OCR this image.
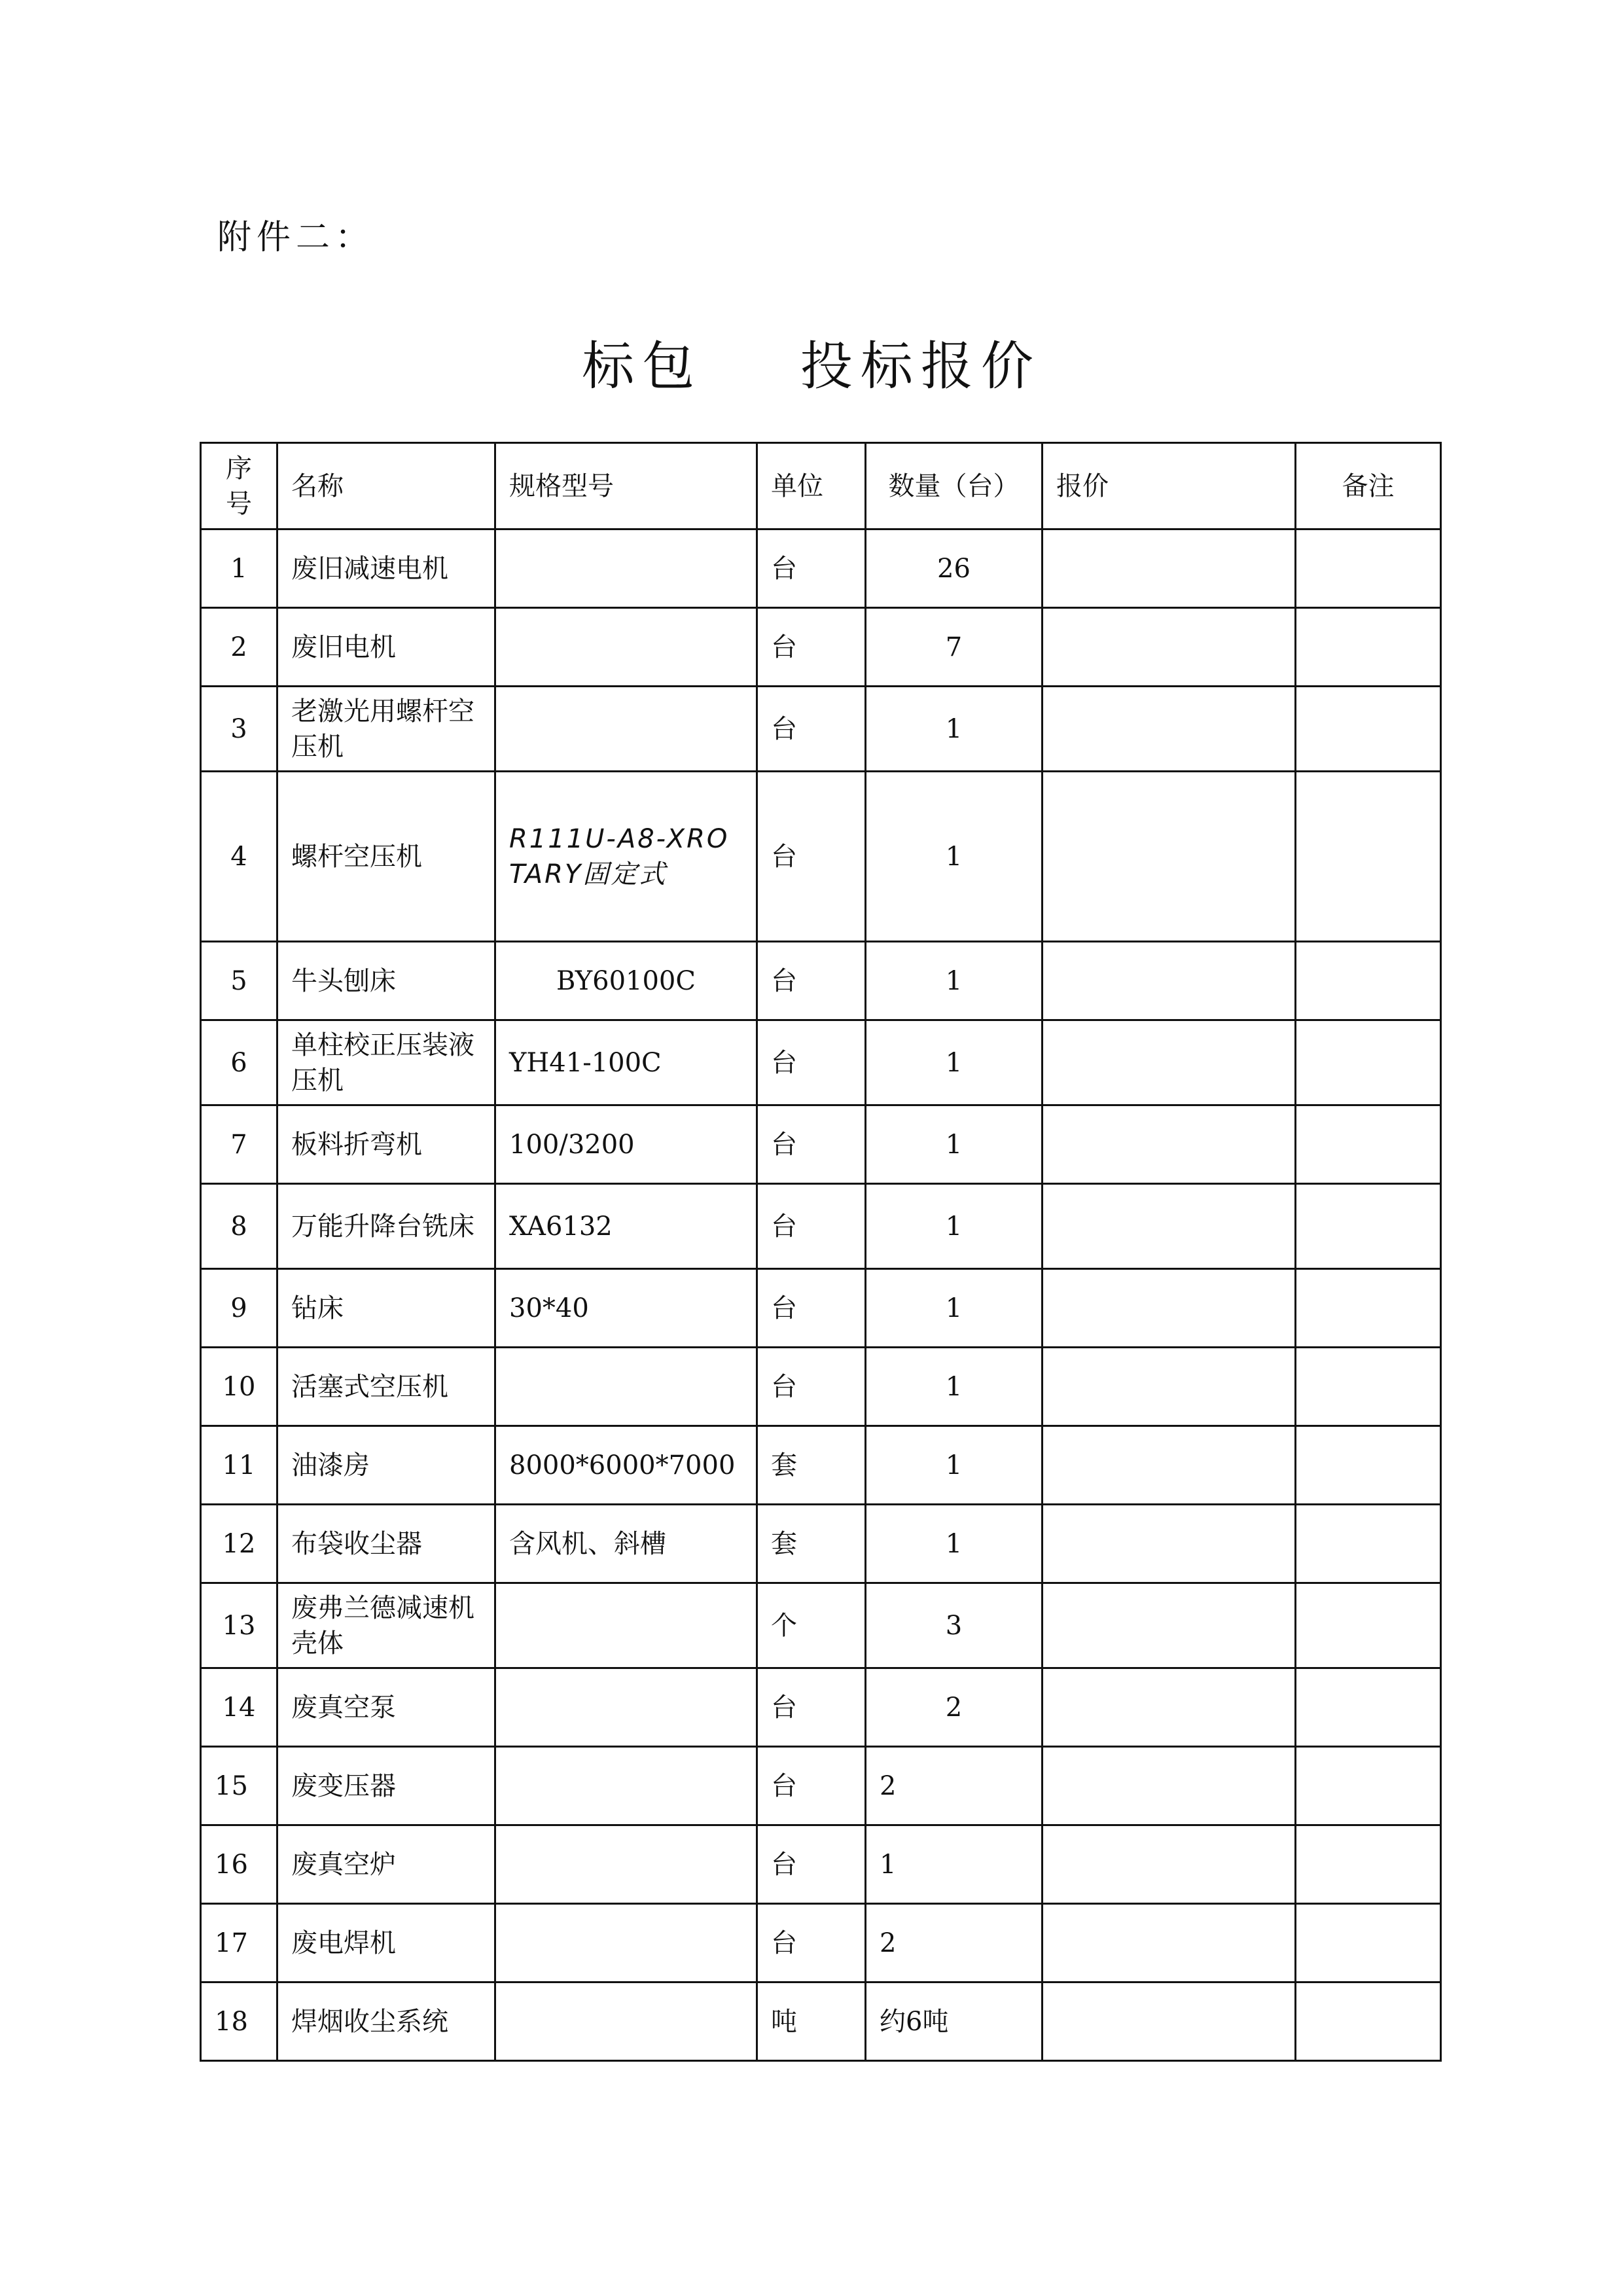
附件二：
标包    投标报价
序
号	名称	规格型号	单位	数量（台）	报价	备注
1	废旧减速电机		台	26		
2	废旧电机		台	7		
3	老激光用螺杆空压机		台	1		
4	螺杆空压机	R111U-A8-XROTARY固定式	台	1		
5	牛头刨床	BY60100C	台	1		
6	单柱校正压装液压机	YH41-100C	台	1		
7	板料折弯机	100/3200	台	1		
8	万能升降台铣床	XA6132	台	1		
9	钻床	30*40	台	1		
10	活塞式空压机		台	1		
11	油漆房	8000*6000*7000	套	1		
12	布袋收尘器	含风机、斜槽	套	1		
13	废弗兰德减速机壳体		个	3		
14	废真空泵		台	2		
15	废变压器		台	2		
16	废真空炉		台	1		
17	废电焊机		台	2		
18	焊烟收尘系统		吨	约6吨		
